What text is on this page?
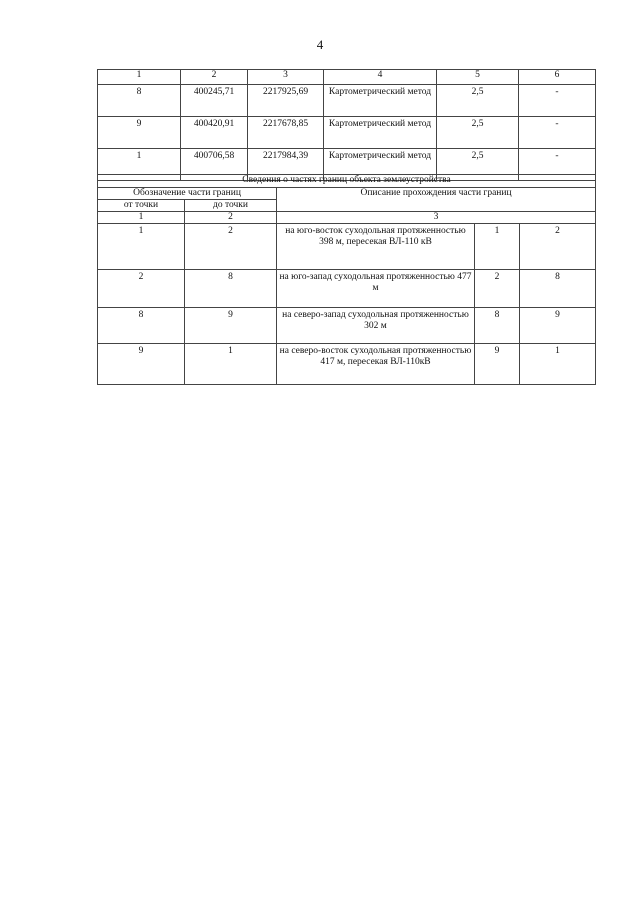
4
1	2	3	4	5	6
8	400245,71	2217925,69	Картометрический метод	2,5	-
9	400420,91	2217678,85	Картометрический метод	2,5	-
1	400706,58	2217984,39	Картометрический метод	2,5	-
Сведения о частях границ объекта землеустройства				
Обозначение части границ		Описание прохождения части границ		
от точки	до точки			
1	2	3		
1	2	на юго-восток суходольная протяженностью 398 м, пересекая ВЛ-110 кВ	1	2
2	8	на юго-запад суходольная протяженностью 477 м	2	8
8	9	на северо-запад суходольная протяженностью 302 м	8	9
9	1	на северо-восток суходольная протяженностью 417 м, пересекая ВЛ-110кВ	9	1
